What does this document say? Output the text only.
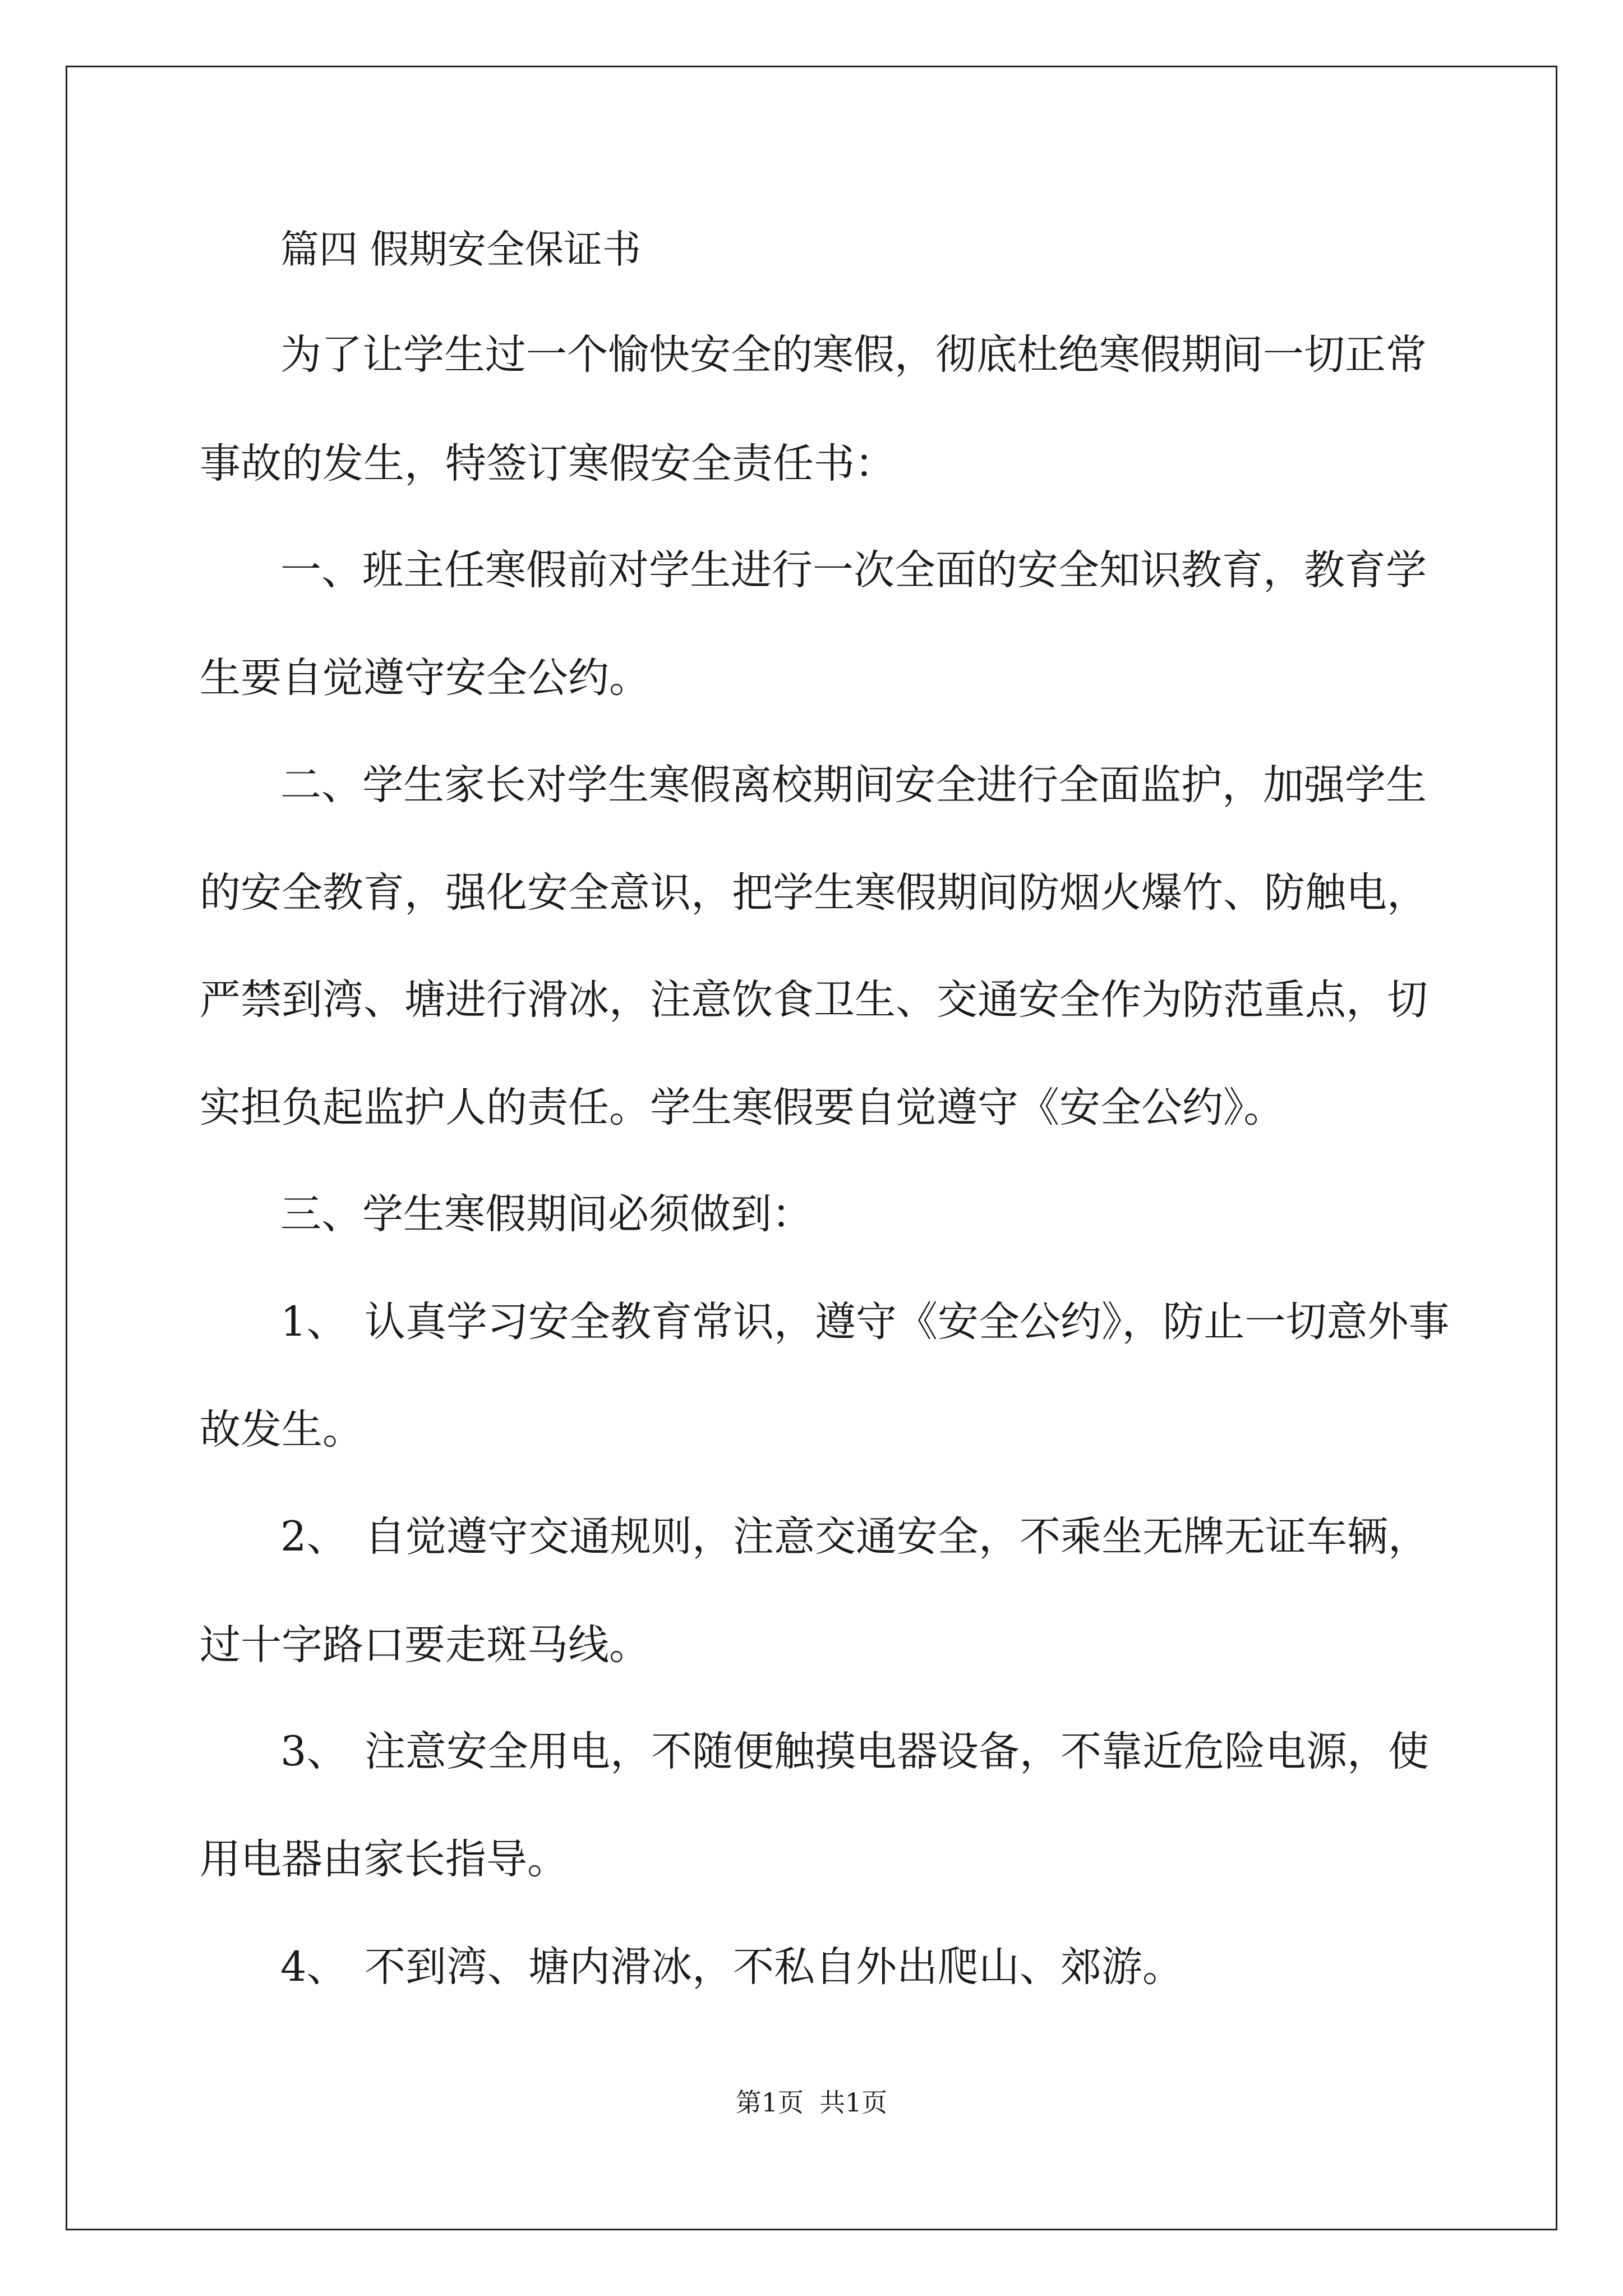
篇四 假期安全保证书
为了让学生过一个愉快安全的寒假，彻底杜绝寒假期间一切正常
事故的发生，特签订寒假安全责任书：
一、班主任寒假前对学生进行一次全面的安全知识教育，教育学
生要自觉遵守安全公约。
二、学生家长对学生寒假离校期间安全进行全面监护，加强学生
的安全教育，强化安全意识，把学生寒假期间防烟火爆竹、防触电，
严禁到湾、塘进行滑冰，注意饮食卫生、交通安全作为防范重点，切
实担负起监护人的责任。学生寒假要自觉遵守《安全公约》。
三、学生寒假期间必须做到：
1、 认真学习安全教育常识，遵守《安全公约》，防止一切意外事
故发生。
2、 自觉遵守交通规则，注意交通安全，不乘坐无牌无证车辆，
过十字路口要走斑马线。
3、 注意安全用电，不随便触摸电器设备，不靠近危险电源，使
用电器由家长指导。
4、 不到湾、塘内滑冰，不私自外出爬山、郊游。
第1页 共1页
